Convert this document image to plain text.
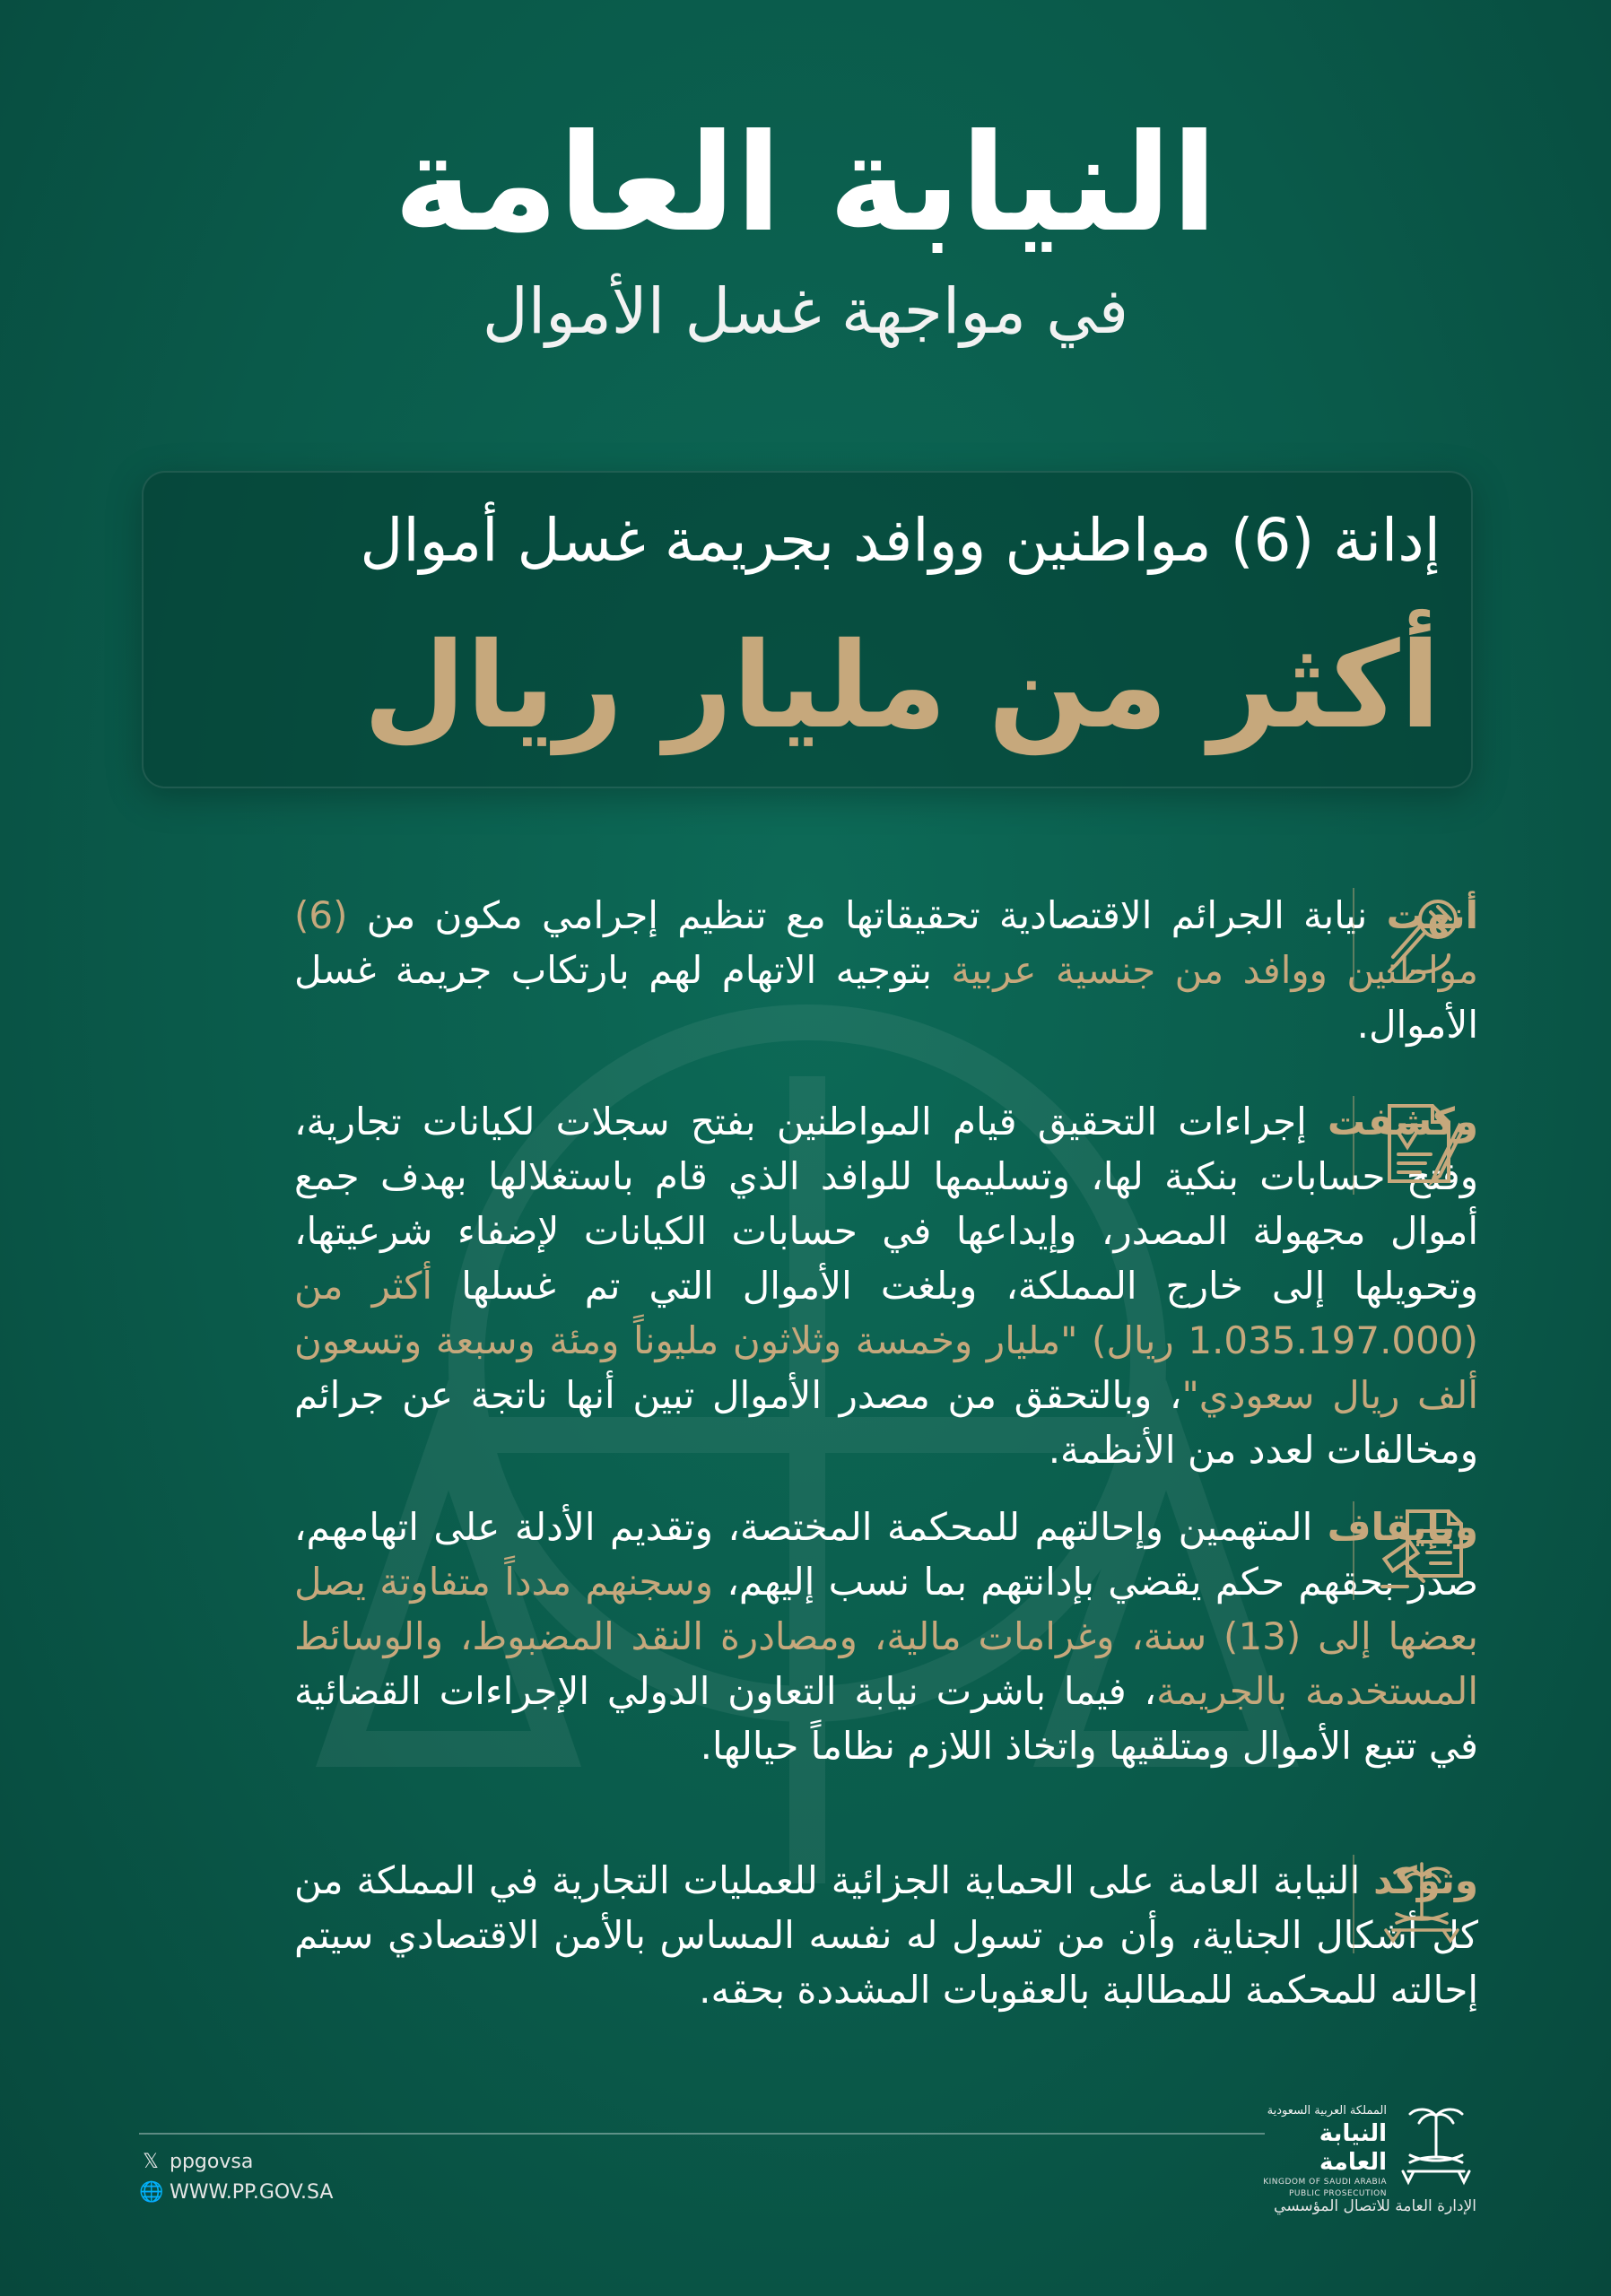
النيابة العامة
في مواجهة غسل الأموال
إدانة (6) مواطنين ووافد بجريمة غسل أموال
أكثر من مليار ريال
أنهت نيابة الجرائم الاقتصادية تحقيقاتها مع تنظيم إجرامي مكون من (6) مواطنين ووافد من جنسية عربية بتوجيه الاتهام لهم بارتكاب جريمة غسل الأموال.
وكشفت إجراءات التحقيق قيام المواطنين بفتح سجلات لكيانات تجارية، وفتح حسابات بنكية لها، وتسليمها للوافد الذي قام باستغلالها بهدف جمع أموال مجهولة المصدر، وإيداعها في حسابات الكيانات لإضفاء شرعيتها، وتحويلها إلى خارج المملكة، وبلغت الأموال التي تم غسلها أكثر من (1.035.197.000 ريال) "مليار وخمسة وثلاثون مليوناً ومئة وسبعة وتسعون ألف ريال سعودي"، وبالتحقق من مصدر الأموال تبين أنها ناتجة عن جرائم ومخالفات لعدد من الأنظمة.
وبإيقاف المتهمين وإحالتهم للمحكمة المختصة، وتقديم الأدلة على اتهامهم، صدر بحقهم حكم يقضي بإدانتهم بما نسب إليهم، وسجنهم مدداً متفاوتة يصل بعضها إلى (13) سنة، وغرامات مالية، ومصادرة النقد المضبوط، والوسائط المستخدمة بالجريمة، فيما باشرت نيابة التعاون الدولي الإجراءات القضائية في تتبع الأموال ومتلقيها واتخاذ اللازم نظاماً حيالها.
وتؤكد النيابة العامة على الحماية الجزائية للعمليات التجارية في المملكة من كل أشكال الجناية، وأن من تسول له نفسه المساس بالأمن الاقتصادي سيتم إحالته للمحكمة للمطالبة بالعقوبات المشددة بحقه.
𝕏 ppgovsa
🌐 WWW.PP.GOV.SA
المملكة العربية السعودية
النيابة العامة
KINGDOM OF SAUDI ARABIA
PUBLIC PROSECUTION
الإدارة العامة للاتصال المؤسسي
